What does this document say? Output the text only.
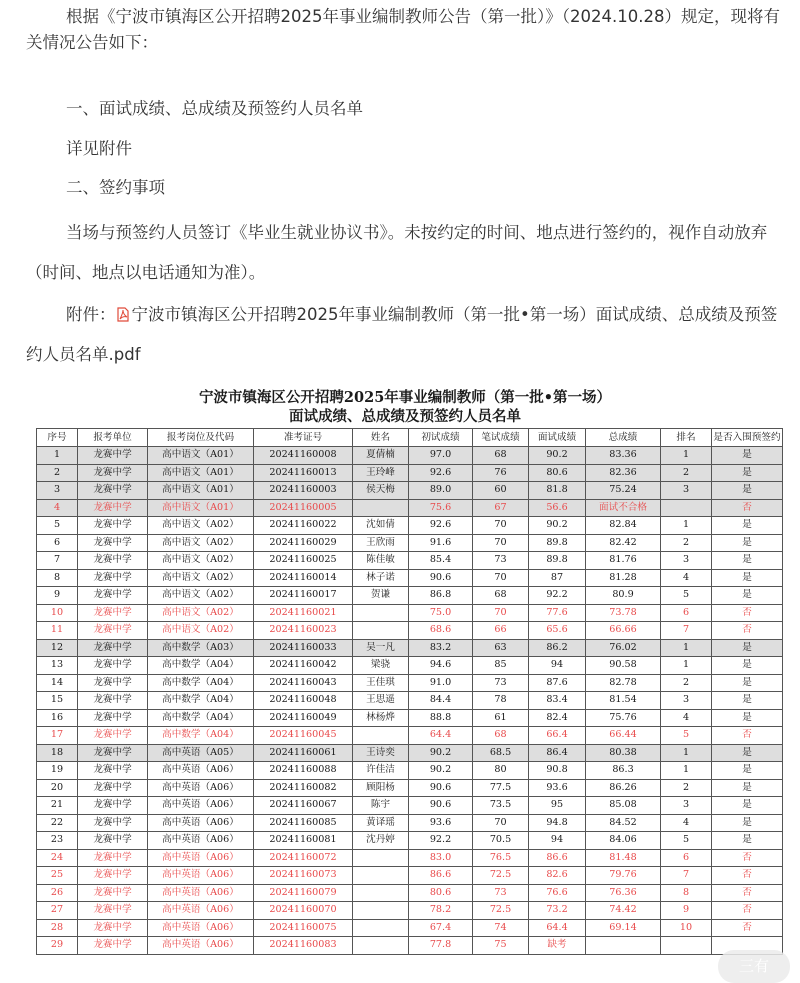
根据《宁波市镇海区公开招聘2025年事业编制教师公告（第一批）》（2024.10.28）规定，现将有关情况公告如下：

一、面试成绩、总成绩及预签约人员名单

详见附件

二、签约事项

当场与预签约人员签订《毕业生就业协议书》。未按约定的时间、地点进行签约的，视作自动放弃（时间、地点以电话通知为准）。

附件： 宁波市镇海区公开招聘2025年事业编制教师（第一批•第一场）面试成绩、总成绩及预签约人员名单.pdf

宁波市镇海区公开招聘2025年事业编制教师（第一批•第一场）
面试成绩、总成绩及预签约人员名单
序号	报考单位	报考岗位及代码	准考证号	姓名	初试成绩	笔试成绩	面试成绩	总成绩	排名	是否入围预签约
1	龙赛中学	高中语文（A01）	20241160008	夏倩楠	97.0	68	90.2	83.36	1	是
2	龙赛中学	高中语文（A01）	20241160013	王玲峰	92.6	76	80.6	82.36	2	是
3	龙赛中学	高中语文（A01）	20241160003	侯天梅	89.0	60	81.8	75.24	3	是
4	龙赛中学	高中语文（A01）	20241160005		75.6	67	56.6	面试不合格		否
5	龙赛中学	高中语文（A02）	20241160022	沈如倩	92.6	70	90.2	82.84	1	是
6	龙赛中学	高中语文（A02）	20241160029	王欣雨	91.6	70	89.8	82.42	2	是
7	龙赛中学	高中语文（A02）	20241160025	陈佳敏	85.4	73	89.8	81.76	3	是
8	龙赛中学	高中语文（A02）	20241160014	林子诺	90.6	70	87	81.28	4	是
9	龙赛中学	高中语文（A02）	20241160017	贺谦	86.8	68	92.2	80.9	5	是
10	龙赛中学	高中语文（A02）	20241160021		75.0	70	77.6	73.78	6	否
11	龙赛中学	高中语文（A02）	20241160023		68.6	66	65.6	66.66	7	否
12	龙赛中学	高中数学（A03）	20241160033	吴一凡	83.2	63	86.2	76.02	1	是
13	龙赛中学	高中数学（A04）	20241160042	梁骁	94.6	85	94	90.58	1	是
14	龙赛中学	高中数学（A04）	20241160043	王佳琪	91.0	73	87.6	82.78	2	是
15	龙赛中学	高中数学（A04）	20241160048	王思遥	84.4	78	83.4	81.54	3	是
16	龙赛中学	高中数学（A04）	20241160049	林杨烨	88.8	61	82.4	75.76	4	是
17	龙赛中学	高中数学（A04）	20241160045		64.4	68	66.4	66.44	5	否
18	龙赛中学	高中英语（A05）	20241160061	王诗奕	90.2	68.5	86.4	80.38	1	是
19	龙赛中学	高中英语（A06）	20241160088	许佳洁	90.2	80	90.8	86.3	1	是
20	龙赛中学	高中英语（A06）	20241160082	顾阳杨	90.6	77.5	93.6	86.26	2	是
21	龙赛中学	高中英语（A06）	20241160067	陈宇	90.6	73.5	95	85.08	3	是
22	龙赛中学	高中英语（A06）	20241160085	黄译瑶	93.6	70	94.8	84.52	4	是
23	龙赛中学	高中英语（A06）	20241160081	沈丹婷	92.2	70.5	94	84.06	5	是
24	龙赛中学	高中英语（A06）	20241160072		83.0	76.5	86.6	81.48	6	否
25	龙赛中学	高中英语（A06）	20241160073		86.6	72.5	82.6	79.76	7	否
26	龙赛中学	高中英语（A06）	20241160079		80.6	73	76.6	76.36	8	否
27	龙赛中学	高中英语（A06）	20241160070		78.2	72.5	73.2	74.42	9	否
28	龙赛中学	高中英语（A06）	20241160075		67.4	74	64.4	69.14	10	否
29	龙赛中学	高中英语（A06）	20241160083		77.8	75	缺考			
三有
